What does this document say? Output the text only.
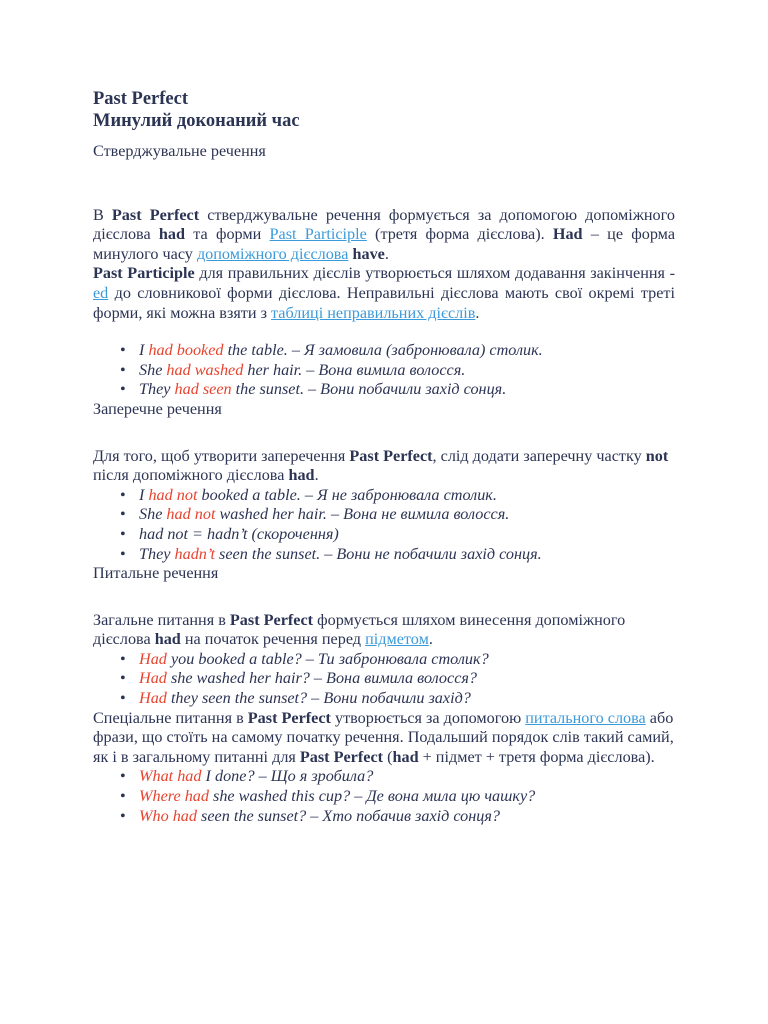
Past Perfect

Минулий доконаний час

Стверджувальне речення

В Past Perfect стверджувальне речення формується за допомогою допоміжного дієслова had та форми Past Participle (третя форма дієслова). Had – це форма минулого часу допоміжного дієслова have.

Past Participle для правильних дієслів утворюється шляхом додавання закінчення -ed до словникової форми дієслова. Неправильні дієслова мають свої окремі треті форми, які можна взяти з таблиці неправильних дієслів.

• I had booked the table. – Я замовила (забронювала) столик.
• She had washed her hair. – Вона вимила волосся.
• They had seen the sunset. – Вони побачили захід сонця.

Заперечне речення

Для того, щоб утворити заперечення Past Perfect, слід додати заперечну частку not після допоміжного дієслова had.

• I had not booked a table. – Я не забронювала столик.
• She had not washed her hair. – Вона не вимила волосся.
• had not = hadn’t (скорочення)
• They hadn’t seen the sunset. – Вони не побачили захід сонця.

Питальне речення

Загальне питання в Past Perfect формується шляхом винесення допоміжного дієслова had на початок речення перед підметом.

• Had you booked a table? – Ти забронювала столик?
• Had she washed her hair? – Вона вимила волосся?
• Had they seen the sunset? – Вони побачили захід?

Спеціальне питання в Past Perfect утворюється за допомогою питального слова або фрази, що стоїть на самому початку речення. Подальший порядок слів такий самий, як і в загальному питанні для Past Perfect (had + підмет + третя форма дієслова).

• What had I done? – Що я зробила?
• Where had she washed this cup? – Де вона мила цю чашку?
• Who had seen the sunset? – Хто побачив захід сонця?
